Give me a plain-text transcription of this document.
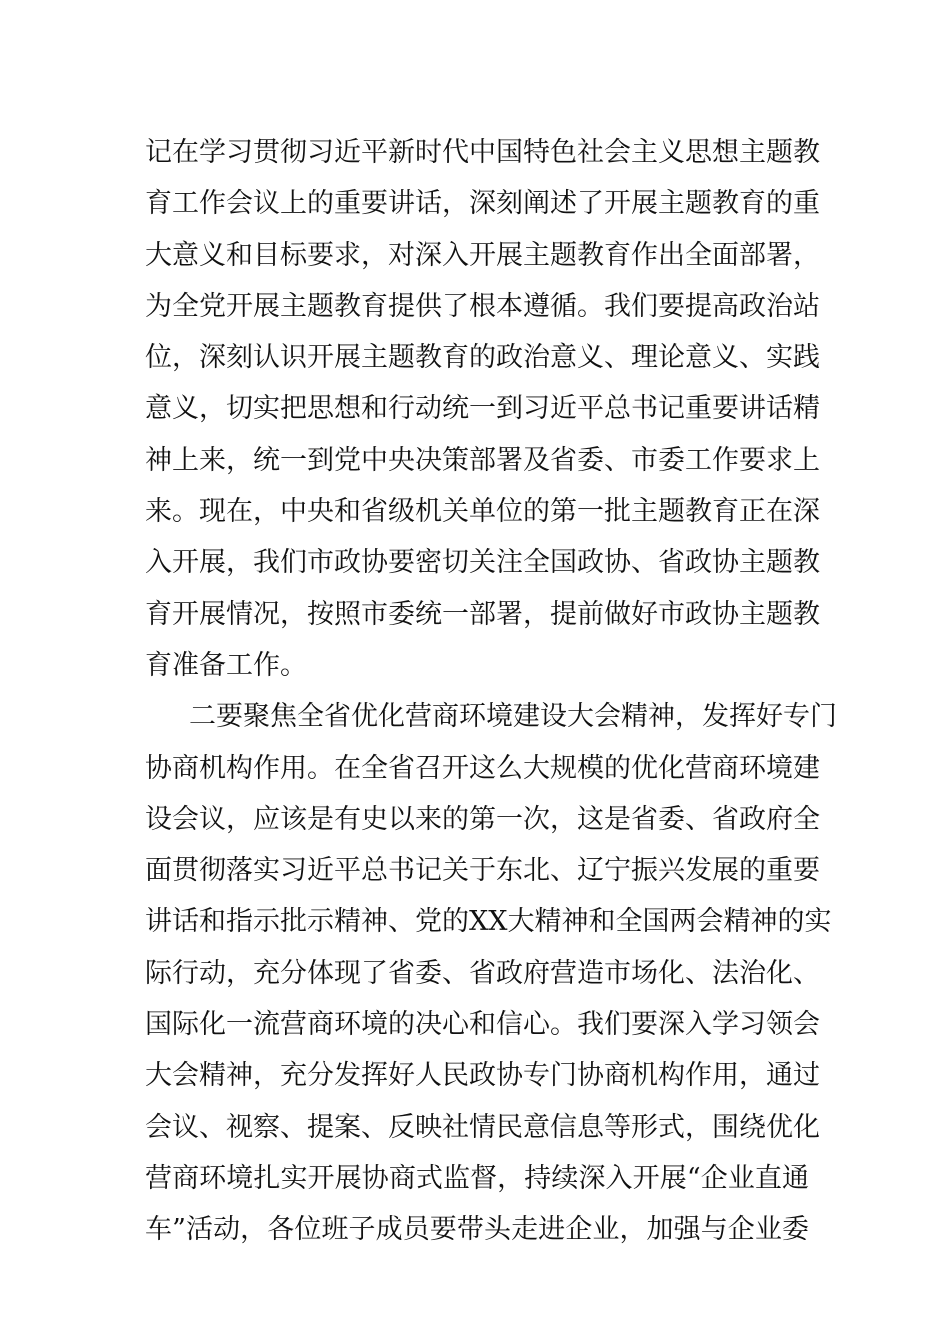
记在学习贯彻习近平新时代中国特色社会主义思想主题教
育工作会议上的重要讲话，深刻阐述了开展主题教育的重
大意义和目标要求，对深入开展主题教育作出全面部署，
为全党开展主题教育提供了根本遵循。我们要提高政治站
位，深刻认识开展主题教育的政治意义、理论意义、实践
意义，切实把思想和行动统一到习近平总书记重要讲话精
神上来，统一到党中央决策部署及省委、市委工作要求上
来。现在，中央和省级机关单位的第一批主题教育正在深
入开展，我们市政协要密切关注全国政协、省政协主题教
育开展情况，按照市委统一部署，提前做好市政协主题教
育准备工作。
二要聚焦全省优化营商环境建设大会精神，发挥好专门
协商机构作用。在全省召开这么大规模的优化营商环境建
设会议，应该是有史以来的第一次，这是省委、省政府全
面贯彻落实习近平总书记关于东北、辽宁振兴发展的重要
讲话和指示批示精神、党的XX大精神和全国两会精神的实
际行动，充分体现了省委、省政府营造市场化、法治化、
国际化一流营商环境的决心和信心。我们要深入学习领会
大会精神，充分发挥好人民政协专门协商机构作用，通过
会议、视察、提案、反映社情民意信息等形式，围绕优化
营商环境扎实开展协商式监督，持续深入开展“企业直通
车”活动，各位班子成员要带头走进企业，加强与企业委
